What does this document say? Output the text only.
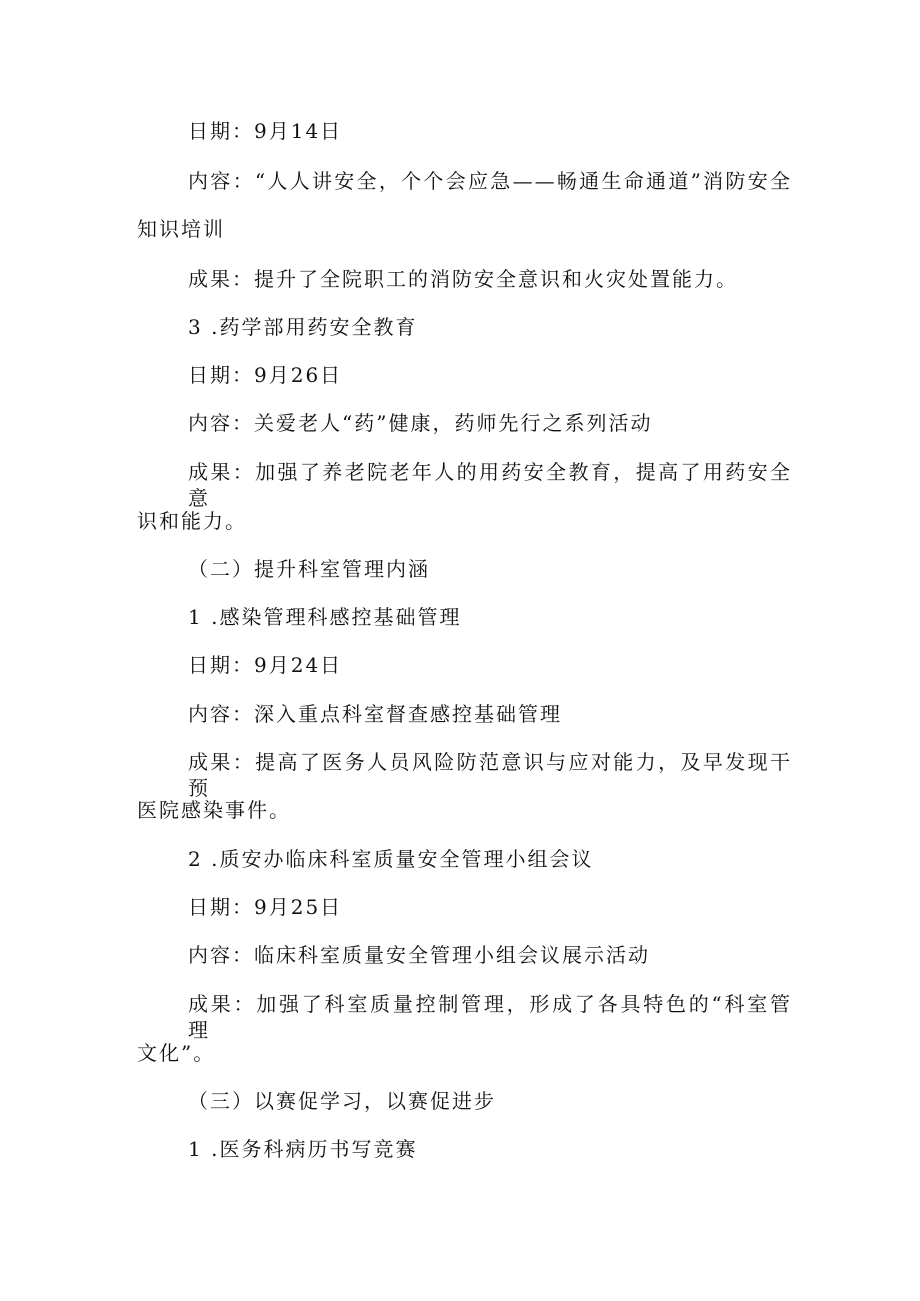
日期：9月14日
内容：“人人讲安全，个个会应急——畅通生命通道”消防安全
知识培训
成果：提升了全院职工的消防安全意识和火灾处置能力。
3 .药学部用药安全教育
日期：9月26日
内容：关爱老人“药”健康，药师先行之系列活动
成果：加强了养老院老年人的用药安全教育，提高了用药安全意
识和能力。
（二）提升科室管理内涵
1 .感染管理科感控基础管理
日期：9月24日
内容：深入重点科室督查感控基础管理
成果：提高了医务人员风险防范意识与应对能力，及早发现干预
医院感染事件。
2 .质安办临床科室质量安全管理小组会议
日期：9月25日
内容：临床科室质量安全管理小组会议展示活动
成果：加强了科室质量控制管理，形成了各具特色的“科室管理
文化”。
（三）以赛促学习，以赛促进步
1 .医务科病历书写竞赛
